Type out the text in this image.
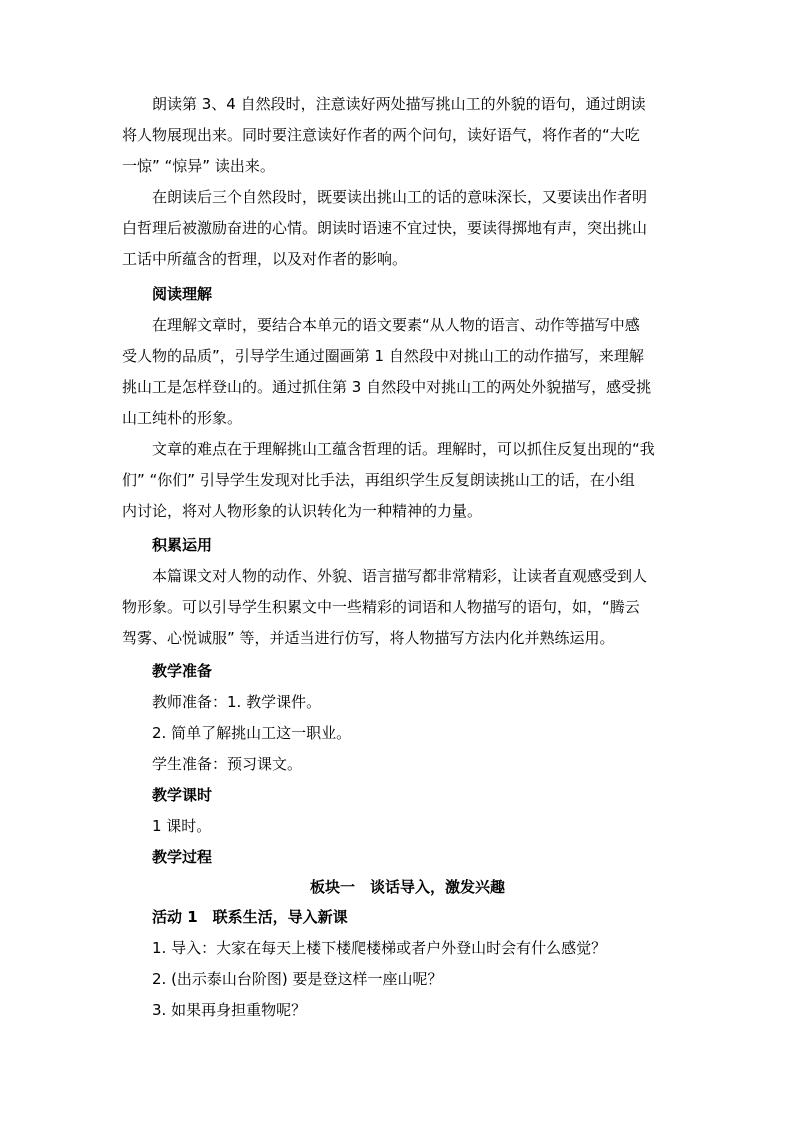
朗读第 3、4 自然段时，注意读好两处描写挑山工的外貌的语句，通过朗读
将人物展现出来。同时要注意读好作者的两个问句，读好语气，将作者的“大吃
一惊” “惊异” 读出来。
在朗读后三个自然段时，既要读出挑山工的话的意味深长，又要读出作者明
白哲理后被激励奋进的心情。朗读时语速不宜过快，要读得掷地有声，突出挑山
工话中所蕴含的哲理，以及对作者的影响。
阅读理解
在理解文章时，要结合本单元的语文要素“从人物的语言、动作等描写中感
受人物的品质”，引导学生通过圈画第 1 自然段中对挑山工的动作描写，来理解
挑山工是怎样登山的。通过抓住第 3 自然段中对挑山工的两处外貌描写，感受挑
山工纯朴的形象。
文章的难点在于理解挑山工蕴含哲理的话。理解时，可以抓住反复出现的“我
们” “你们” 引导学生发现对比手法，再组织学生反复朗读挑山工的话，在小组
内讨论，将对人物形象的认识转化为一种精神的力量。
积累运用
本篇课文对人物的动作、外貌、语言描写都非常精彩，让读者直观感受到人
物形象。可以引导学生积累文中一些精彩的词语和人物描写的语句，如，“腾云
驾雾、心悦诚服” 等，并适当进行仿写，将人物描写方法内化并熟练运用。
教学准备
教师准备：1. 教学课件。
2. 简单了解挑山工这一职业。
学生准备：预习课文。
教学课时
1 课时。
教学过程
板块一　谈话导入，激发兴趣
活动 1　联系生活，导入新课
1. 导入：大家在每天上楼下楼爬楼梯或者户外登山时会有什么感觉？
2. (出示泰山台阶图) 要是登这样一座山呢？
3. 如果再身担重物呢？
